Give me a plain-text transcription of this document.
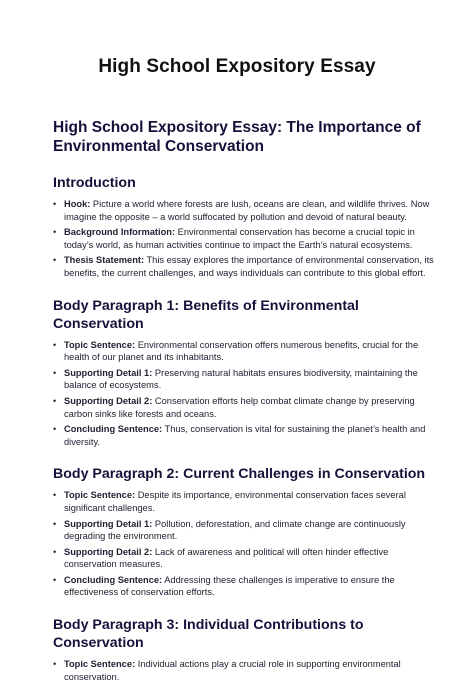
High School Expository Essay
High School Expository Essay: The Importance of Environmental Conservation
Introduction
• Hook: Picture a world where forests are lush, oceans are clean, and wildlife thrives. Now imagine the opposite – a world suffocated by pollution and devoid of natural beauty.
• Background Information: Environmental conservation has become a crucial topic in today’s world, as human activities continue to impact the Earth’s natural ecosystems.
• Thesis Statement: This essay explores the importance of environmental conservation, its benefits, the current challenges, and ways individuals can contribute to this global effort.
Body Paragraph 1: Benefits of Environmental Conservation
• Topic Sentence: Environmental conservation offers numerous benefits, crucial for the health of our planet and its inhabitants.
• Supporting Detail 1: Preserving natural habitats ensures biodiversity, maintaining the balance of ecosystems.
• Supporting Detail 2: Conservation efforts help combat climate change by preserving carbon sinks like forests and oceans.
• Concluding Sentence: Thus, conservation is vital for sustaining the planet’s health and diversity.
Body Paragraph 2: Current Challenges in Conservation
• Topic Sentence: Despite its importance, environmental conservation faces several significant challenges.
• Supporting Detail 1: Pollution, deforestation, and climate change are continuously degrading the environment.
• Supporting Detail 2: Lack of awareness and political will often hinder effective conservation measures.
• Concluding Sentence: Addressing these challenges is imperative to ensure the effectiveness of conservation efforts.
Body Paragraph 3: Individual Contributions to Conservation
• Topic Sentence: Individual actions play a crucial role in supporting environmental conservation.
